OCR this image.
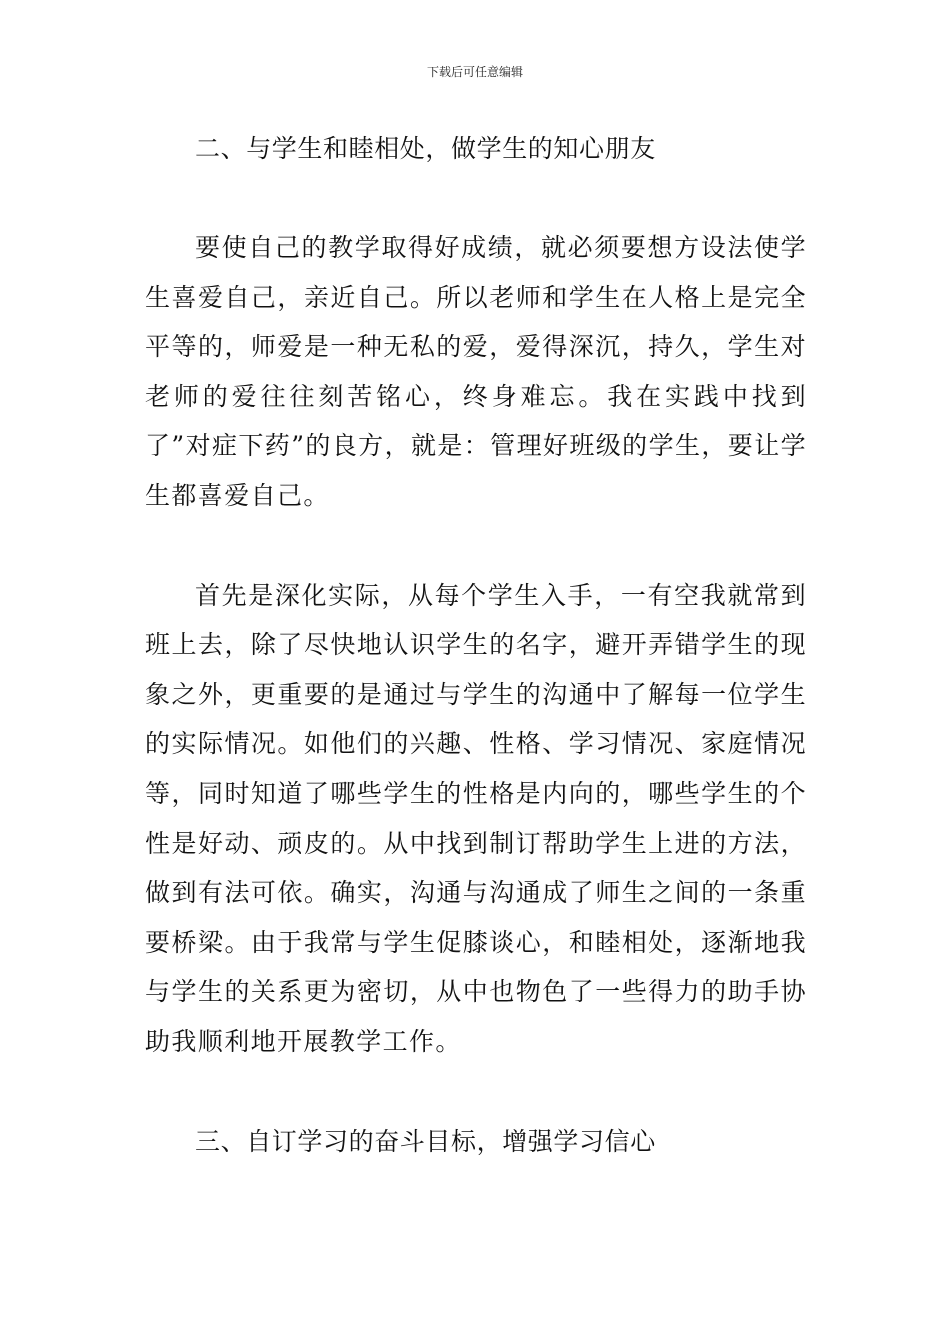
下载后可任意编辑
二、与学生和睦相处，做学生的知心朋友

要使自己的教学取得好成绩，就必须要想方设法使学生喜爱自己，亲近自己。所以老师和学生在人格上是完全平等的，师爱是一种无私的爱，爱得深沉，持久，学生对老师的爱往往刻苦铭心，终身难忘。我在实践中找到了”对症下药”的良方，就是：管理好班级的学生，要让学生都喜爱自己。

首先是深化实际，从每个学生入手，一有空我就常到班上去，除了尽快地认识学生的名字，避开弄错学生的现象之外，更重要的是通过与学生的沟通中了解每一位学生的实际情况。如他们的兴趣、性格、学习情况、家庭情况等，同时知道了哪些学生的性格是内向的，哪些学生的个性是好动、顽皮的。从中找到制订帮助学生上进的方法，做到有法可依。确实，沟通与沟通成了师生之间的一条重要桥梁。由于我常与学生促膝谈心，和睦相处，逐渐地我与学生的关系更为密切，从中也物色了一些得力的助手协助我顺利地开展教学工作。

三、自订学习的奋斗目标，增强学习信心
